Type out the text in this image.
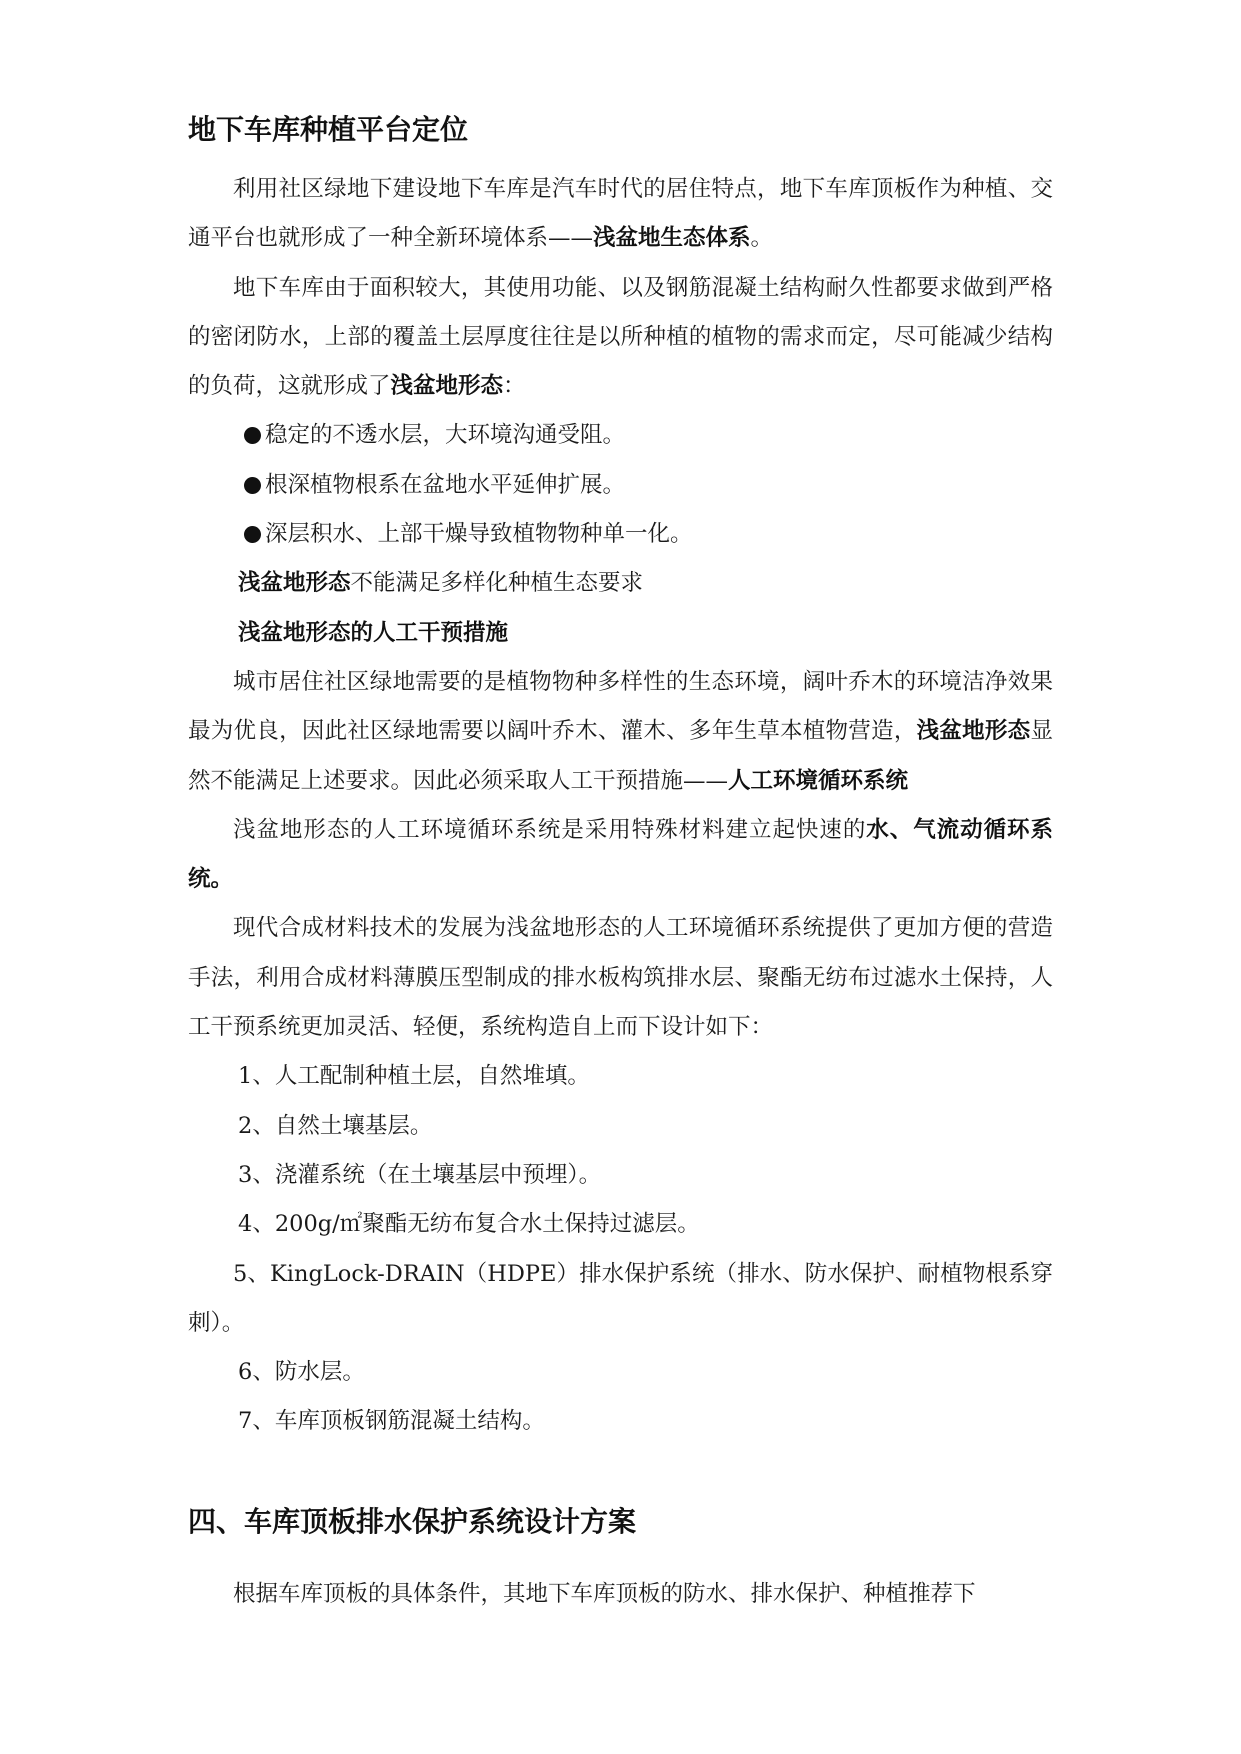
地下车库种植平台定位

利用社区绿地下建设地下车库是汽车时代的居住特点，地下车库顶板作为种植、交通平台也就形成了一种全新环境体系——浅盆地生态体系。

地下车库由于面积较大，其使用功能、以及钢筋混凝土结构耐久性都要求做到严格的密闭防水，上部的覆盖土层厚度往往是以所种植的植物的需求而定，尽可能减少结构的负荷，这就形成了浅盆地形态：

稳定的不透水层，大环境沟通受阻。

根深植物根系在盆地水平延伸扩展。

深层积水、上部干燥导致植物物种单一化。

浅盆地形态不能满足多样化种植生态要求

浅盆地形态的人工干预措施

城市居住社区绿地需要的是植物物种多样性的生态环境，阔叶乔木的环境洁净效果最为优良，因此社区绿地需要以阔叶乔木、灌木、多年生草本植物营造，浅盆地形态显然不能满足上述要求。因此必须采取人工干预措施——人工环境循环系统

浅盆地形态的人工环境循环系统是采用特殊材料建立起快速的水、气流动循环系统。

现代合成材料技术的发展为浅盆地形态的人工环境循环系统提供了更加方便的营造手法，利用合成材料薄膜压型制成的排水板构筑排水层、聚酯无纺布过滤水土保持，人工干预系统更加灵活、轻便，系统构造自上而下设计如下：

1、人工配制种植土层，自然堆填。

2、自然土壤基层。

3、浇灌系统（在土壤基层中预埋）。

4、200g/㎡聚酯无纺布复合水土保持过滤层。

5、KingLock-DRAIN（HDPE）排水保护系统（排水、防水保护、耐植物根系穿刺）。

6、防水层。

7、车库顶板钢筋混凝土结构。

根据车库顶板的具体条件，其地下车库顶板的防水、排水保护、种植推荐下

四、车库顶板排水保护系统设计方案
